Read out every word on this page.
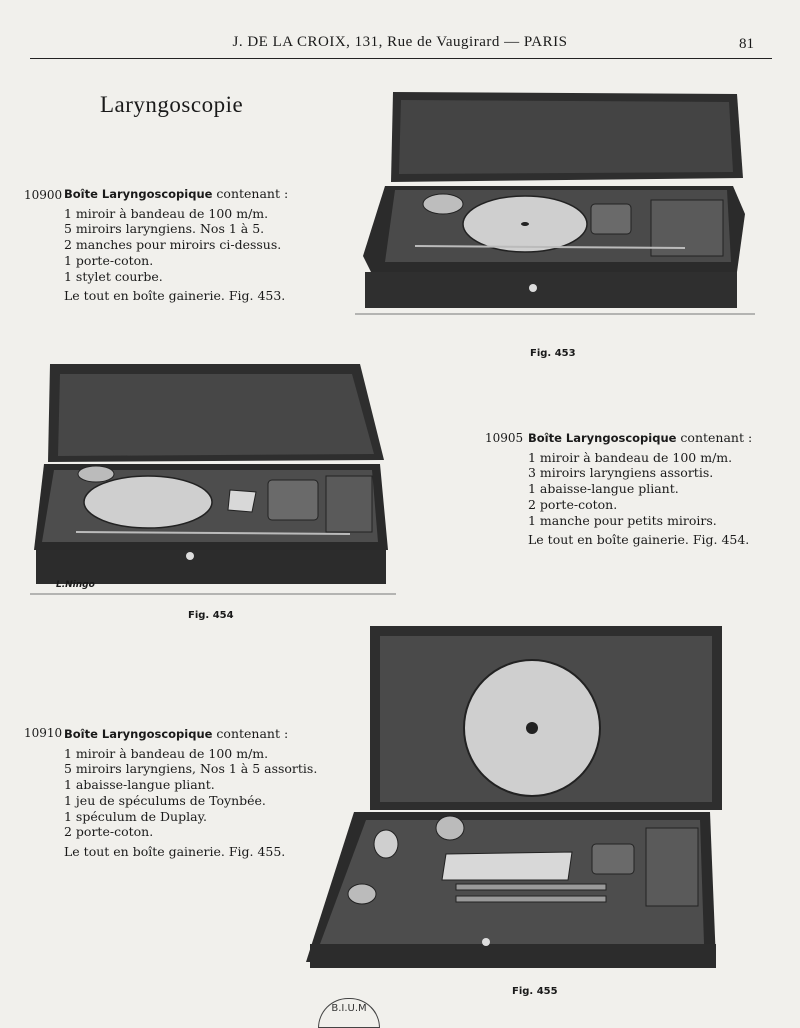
J. DE LA CROIX, 131, Rue de Vaugirard — PARIS	81
Laryngoscopie
10900 Boîte Laryngoscopique contenant :
1 miroir à bandeau de 100 m/m.
5 miroirs laryngiens. Nos 1 à 5.
2 manches pour miroirs ci-dessus.
1 porte-coton.
1 stylet courbe.
Le tout en boîte gainerie. Fig. 453.
10905 Boîte Laryngoscopique contenant :
1 miroir à bandeau de 100 m/m.
3 miroirs laryngiens assortis.
1 abaisse-langue pliant.
2 porte-coton.
1 manche pour petits miroirs.
Le tout en boîte gainerie. Fig. 454.
10910 Boîte Laryngoscopique contenant :
1 miroir à bandeau de 100 m/m.
5 miroirs laryngiens, Nos 1 à 5 assortis.
1 abaisse-langue pliant.
1 jeu de spéculums de Toynbée.
1 spéculum de Duplay.
2 porte-coton.
Le tout en boîte gainerie. Fig. 455.
Fig. 453
L.Ningo
Fig. 454
Fig. 455
B.I.U.M
